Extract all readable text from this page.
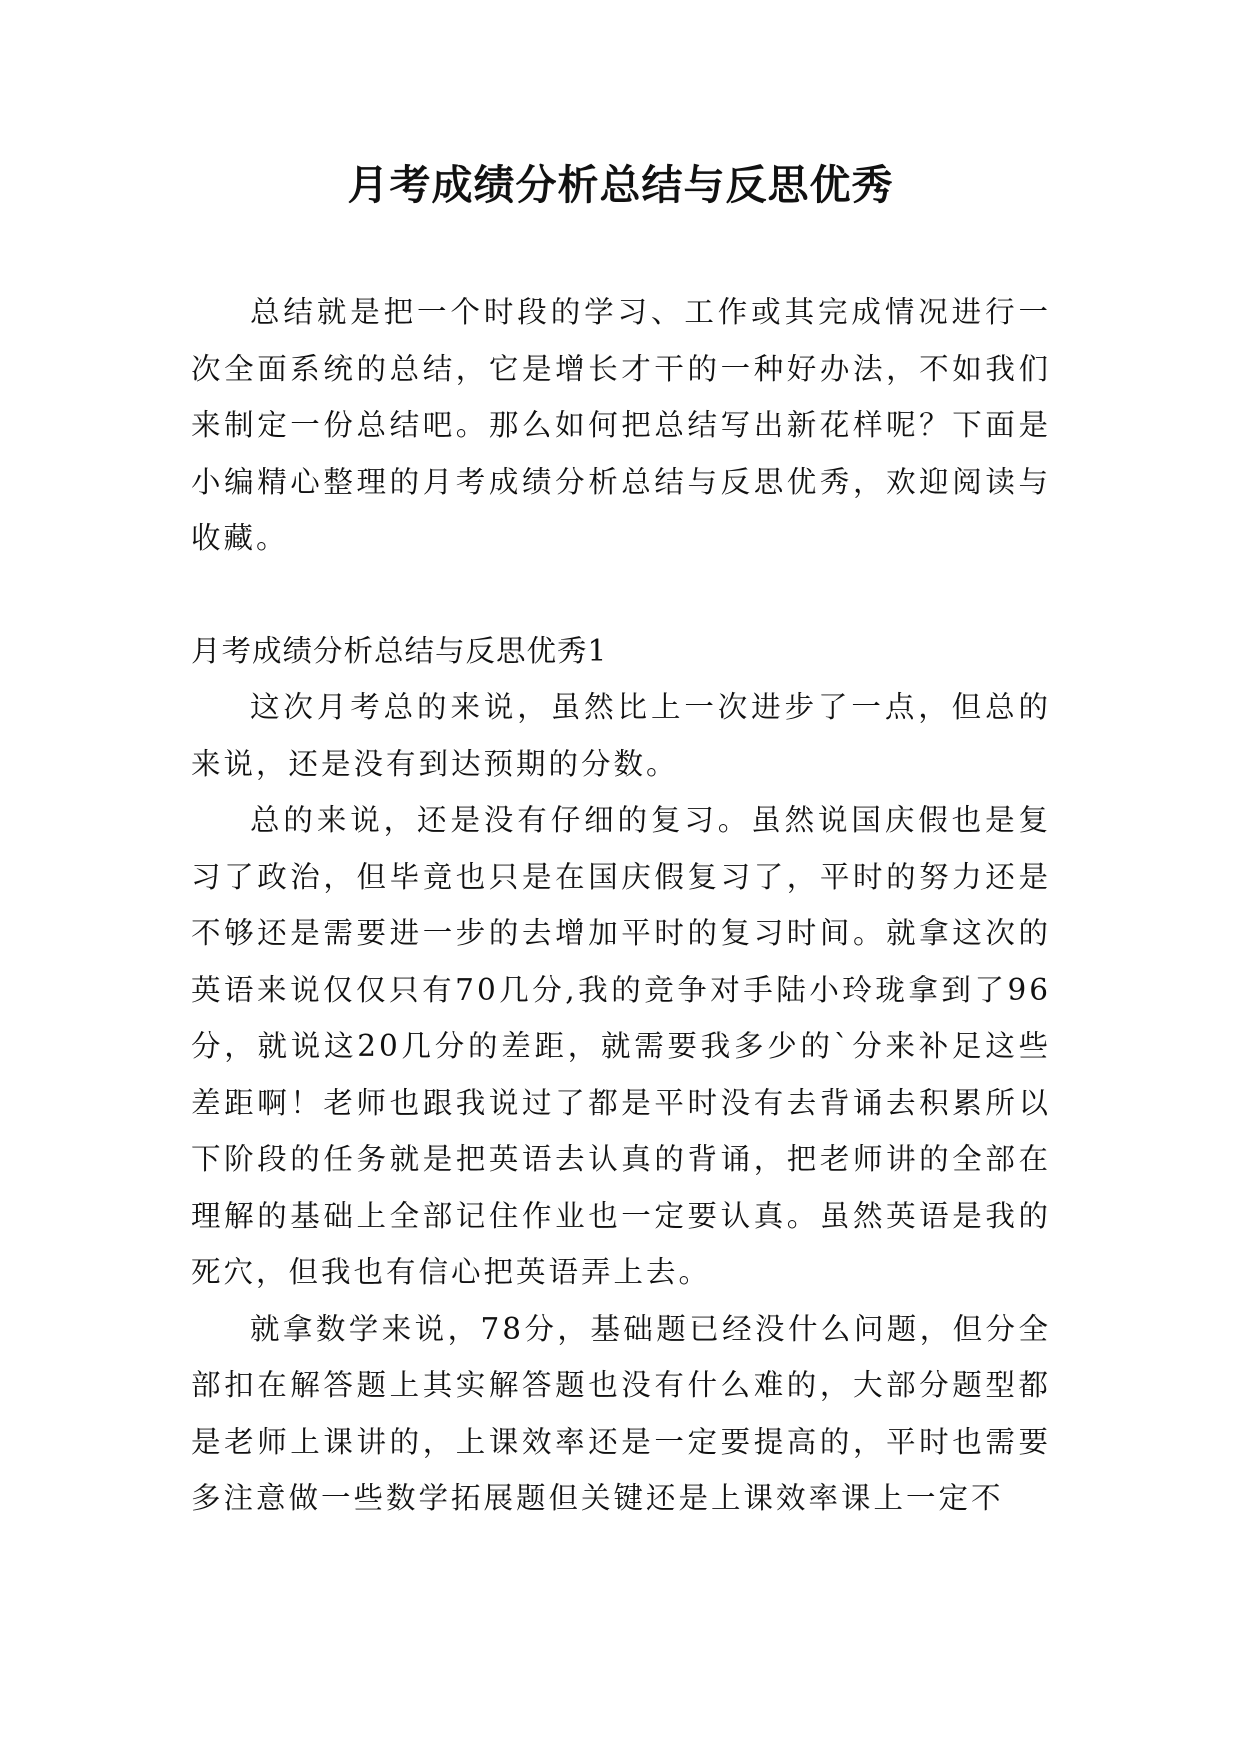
月考成绩分析总结与反思优秀

总结就是把一个时段的学习、工作或其完成情况进行一次全面系统的总结，它是增长才干的一种好办法，不如我们来制定一份总结吧。那么如何把总结写出新花样呢？下面是小编精心整理的月考成绩分析总结与反思优秀，欢迎阅读与收藏。

月考成绩分析总结与反思优秀1

这次月考总的来说，虽然比上一次进步了一点，但总的来说，还是没有到达预期的分数。

总的来说，还是没有仔细的复习。虽然说国庆假也是复习了政治，但毕竟也只是在国庆假复习了，平时的努力还是不够还是需要进一步的去增加平时的复习时间。就拿这次的英语来说仅仅只有70几分,我的竞争对手陆小玲珑拿到了96分，就说这20几分的差距，就需要我多少的`分来补足这些差距啊！老师也跟我说过了都是平时没有去背诵去积累所以下阶段的任务就是把英语去认真的背诵，把老师讲的全部在理解的基础上全部记住作业也一定要认真。虽然英语是我的死穴，但我也有信心把英语弄上去。

就拿数学来说，78分，基础题已经没什么问题，但分全部扣在解答题上其实解答题也没有什么难的，大部分题型都是老师上课讲的，上课效率还是一定要提高的，平时也需要多注意做一些数学拓展题但关键还是上课效率课上一定不
